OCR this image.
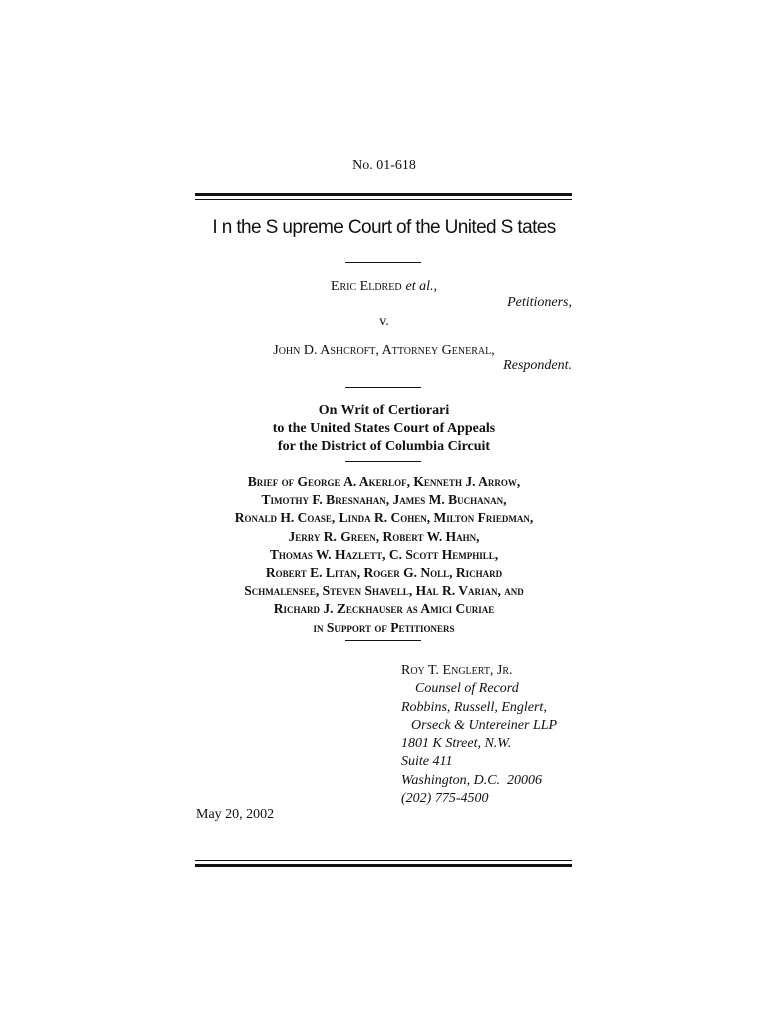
No. 01-618
I n the S upreme Court of the United S tates
Eric Eldred et al.,
Petitioners,
v.
John D. Ashcroft, Attorney General,
Respondent.
On Writ of Certiorari
to the United States Court of Appeals
for the District of Columbia Circuit
Brief of George A. Akerlof, Kenneth J. Arrow,
Timothy F. Bresnahan, James M. Buchanan,
Ronald H. Coase, Linda R. Cohen, Milton Friedman,
Jerry R. Green, Robert W. Hahn,
Thomas W. Hazlett, C. Scott Hemphill,
Robert E. Litan, Roger G. Noll, Richard
Schmalensee, Steven Shavell, Hal R. Varian, and
Richard J. Zeckhauser as Amici Curiae
in Support of Petitioners
Roy T. Englert, Jr.
Counsel of Record
Robbins, Russell, Englert,
Orseck & Untereiner LLP
1801 K Street, N.W.
Suite 411
Washington, D.C.  20006
(202) 775-4500
May 20, 2002
